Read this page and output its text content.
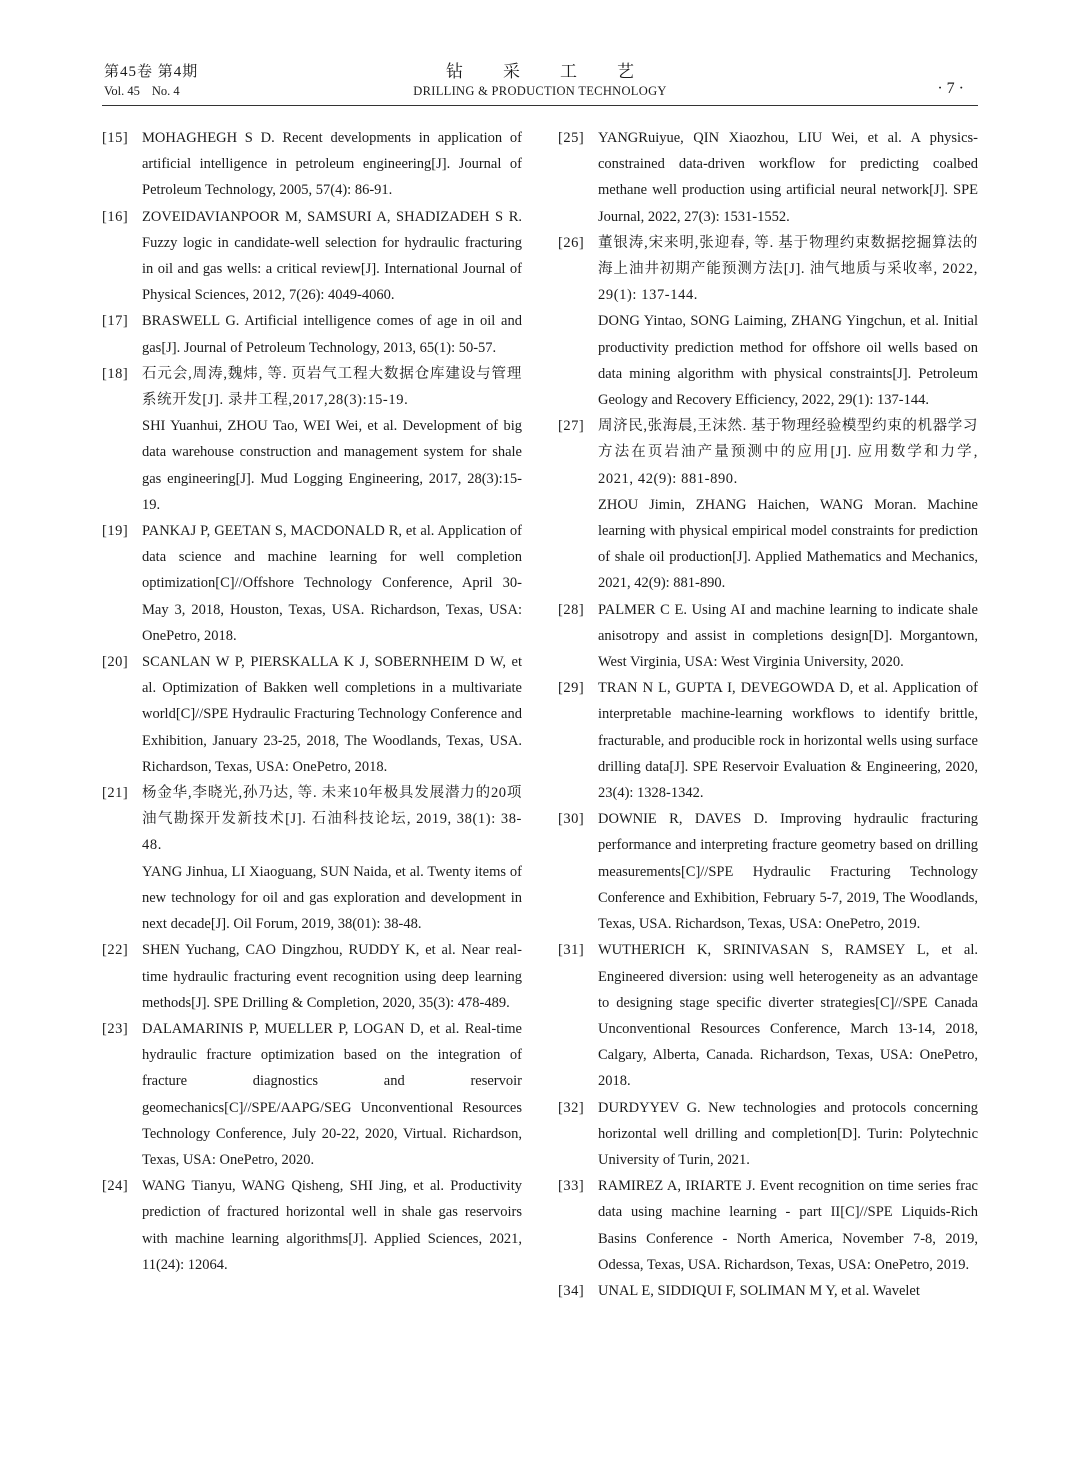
第45卷 第4期
Vol. 45 No. 4
钻采工艺
DRILLING & PRODUCTION TECHNOLOGY	· 7 ·
[15] MOHAGHEGH S D. Recent developments in application of artificial intelligence in petroleum engineering[J]. Journal of Petroleum Technology, 2005, 57(4): 86-91.

[16] ZOVEIDAVIANPOOR M, SAMSURI A, SHADIZADEH S R. Fuzzy logic in candidate-well selection for hydraulic fracturing in oil and gas wells: a critical review[J]. International Journal of Physical Sciences, 2012, 7(26): 4049-4060.

[17] BRASWELL G. Artificial intelligence comes of age in oil and gas[J]. Journal of Petroleum Technology, 2013, 65(1): 50-57.

[18] 石元会,周涛,魏炜, 等. 页岩气工程大数据仓库建设与管理系统开发[J]. 录井工程,2017,28(3):15-19.

SHI Yuanhui, ZHOU Tao, WEI Wei, et al. Development of big data warehouse construction and management system for shale gas engineering[J]. Mud Logging Engineering, 2017, 28(3):15-19.

[19] PANKAJ P, GEETAN S, MACDONALD R, et al. Application of data science and machine learning for well completion optimization[C]//Offshore Technology Conference, April 30-May 3, 2018, Houston, Texas, USA. Richardson, Texas, USA: OnePetro, 2018.

[20] SCANLAN W P, PIERSKALLA K J, SOBERNHEIM D W, et al. Optimization of Bakken well completions in a multivariate world[C]//SPE Hydraulic Fracturing Technology Conference and Exhibition, January 23-25, 2018, The Woodlands, Texas, USA. Richardson, Texas, USA: OnePetro, 2018.

[21] 杨金华,李晓光,孙乃达, 等. 未来10年极具发展潜力的20项油气勘探开发新技术[J]. 石油科技论坛, 2019, 38(1): 38-48.

YANG Jinhua, LI Xiaoguang, SUN Naida, et al. Twenty items of new technology for oil and gas exploration and development in next decade[J]. Oil Forum, 2019, 38(01): 38-48.

[22] SHEN Yuchang, CAO Dingzhou, RUDDY K, et al. Near real-time hydraulic fracturing event recognition using deep learning methods[J]. SPE Drilling & Completion, 2020, 35(3): 478-489.

[23] DALAMARINIS P, MUELLER P, LOGAN D, et al. Real-time hydraulic fracture optimization based on the integration of fracture diagnostics and reservoir geomechanics[C]//SPE/AAPG/SEG Unconventional Resources Technology Conference, July 20-22, 2020, Virtual. Richardson, Texas, USA: OnePetro, 2020.

[24] WANG Tianyu, WANG Qisheng, SHI Jing, et al. Productivity prediction of fractured horizontal well in shale gas reservoirs with machine learning algorithms[J]. Applied Sciences, 2021, 11(24): 12064.

[25] YANGRuiyue, QIN Xiaozhou, LIU Wei, et al. A physics-constrained data-driven workflow for predicting coalbed methane well production using artificial neural network[J]. SPE Journal, 2022, 27(3): 1531-1552.

[26] 董银涛,宋来明,张迎春, 等. 基于物理约束数据挖掘算法的海上油井初期产能预测方法[J]. 油气地质与采收率, 2022, 29(1): 137-144.

DONG Yintao, SONG Laiming, ZHANG Yingchun, et al. Initial productivity prediction method for offshore oil wells based on data mining algorithm with physical constraints[J]. Petroleum Geology and Recovery Efficiency, 2022, 29(1): 137-144.

[27] 周济民,张海晨,王沫然. 基于物理经验模型约束的机器学习方法在页岩油产量预测中的应用[J]. 应用数学和力学, 2021, 42(9): 881-890.

ZHOU Jimin, ZHANG Haichen, WANG Moran. Machine learning with physical empirical model constraints for prediction of shale oil production[J]. Applied Mathematics and Mechanics, 2021, 42(9): 881-890.

[28] PALMER C E. Using AI and machine learning to indicate shale anisotropy and assist in completions design[D]. Morgantown, West Virginia, USA: West Virginia University, 2020.

[29] TRAN N L, GUPTA I, DEVEGOWDA D, et al. Application of interpretable machine-learning workflows to identify brittle, fracturable, and producible rock in horizontal wells using surface drilling data[J]. SPE Reservoir Evaluation & Engineering, 2020, 23(4): 1328-1342.

[30] DOWNIE R, DAVES D. Improving hydraulic fracturing performance and interpreting fracture geometry based on drilling measurements[C]//SPE Hydraulic Fracturing Technology Conference and Exhibition, February 5-7, 2019, The Woodlands, Texas, USA. Richardson, Texas, USA: OnePetro, 2019.

[31] WUTHERICH K, SRINIVASAN S, RAMSEY L, et al. Engineered diversion: using well heterogeneity as an advantage to designing stage specific diverter strategies[C]//SPE Canada Unconventional Resources Conference, March 13-14, 2018, Calgary, Alberta, Canada. Richardson, Texas, USA: OnePetro, 2018.

[32] DURDYYEV G. New technologies and protocols concerning horizontal well drilling and completion[D]. Turin: Polytechnic University of Turin, 2021.

[33] RAMIREZ A, IRIARTE J. Event recognition on time series frac data using machine learning - part II[C]//SPE Liquids-Rich Basins Conference - North America, November 7-8, 2019, Odessa, Texas, USA. Richardson, Texas, USA: OnePetro, 2019.

[34] UNAL E, SIDDIQUI F, SOLIMAN M Y, et al. Wavelet
